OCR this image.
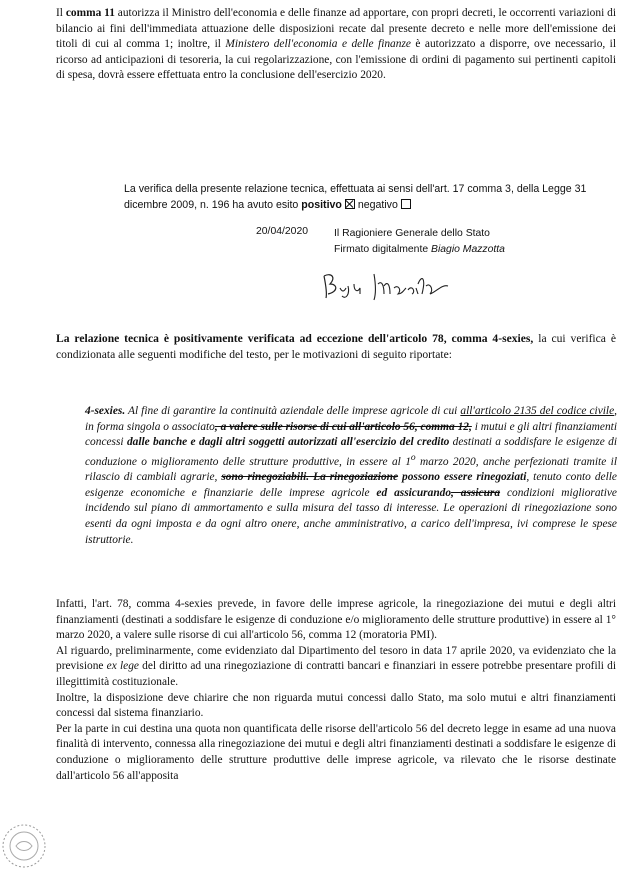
Il comma 11 autorizza il Ministro dell'economia e delle finanze ad apportare, con propri decreti, le occorrenti variazioni di bilancio ai fini dell'immediata attuazione delle disposizioni recate dal presente decreto e nelle more dell'emissione dei titoli di cui al comma 1; inoltre, il Ministero dell'economia e delle finanze è autorizzato a disporre, ove necessario, il ricorso ad anticipazioni di tesoreria, la cui regolarizzazione, con l'emissione di ordini di pagamento sui pertinenti capitoli di spesa, dovrà essere effettuata entro la conclusione dell'esercizio 2020.

La verifica della presente relazione tecnica, effettuata ai sensi dell'art. 17 comma 3, della Legge 31 dicembre 2009, n. 196 ha avuto esito positivo negativo

20/04/2020 Il Ragioniere Generale dello Stato
Firmato digitalmente Biagio Mazzotta

La relazione tecnica è positivamente verificata ad eccezione dell'articolo 78, comma 4-sexies, la cui verifica è condizionata alle seguenti modifiche del testo, per le motivazioni di seguito riportate:

4-sexies. Al fine di garantire la continuità aziendale delle imprese agricole di cui all'articolo 2135 del codice civile, in forma singola o associato, a valere sulle risorse di cui all'articolo 56, comma 12, i mutui e gli altri finanziamenti concessi dalle banche e dagli altri soggetti autorizzati all'esercizio del credito destinati a soddisfare le esigenze di conduzione o miglioramento delle strutture produttive, in essere al 1$^o$ marzo 2020, anche perfezionati tramite il rilascio di cambiali agrarie, sono rinegoziabili. La rinegoziazione possono essere rinegoziati, tenuto conto delle esigenze economiche e finanziarie delle imprese agricole ed assicurando, assicura condizioni migliorative incidendo sul piano di ammortamento e sulla misura del tasso di interesse. Le operazioni di rinegoziazione sono esenti da ogni imposta e da ogni altro onere, anche amministrativo, a carico dell'impresa, ivi comprese le spese istruttorie.

Infatti, l'art. 78, comma 4-sexies prevede, in favore delle imprese agricole, la rinegoziazione dei mutui e degli altri finanziamenti (destinati a soddisfare le esigenze di conduzione e/o miglioramento delle strutture produttive) in essere al 1° marzo 2020, a valere sulle risorse di cui all'articolo 56, comma 12 (moratoria PMI).

Al riguardo, preliminarmente, come evidenziato dal Dipartimento del tesoro in data 17 aprile 2020, va evidenziato che la previsione ex lege del diritto ad una rinegoziazione di contratti bancari e finanziari in essere potrebbe presentare profili di illegittimità costituzionale.

Inoltre, la disposizione deve chiarire che non riguarda mutui concessi dallo Stato, ma solo mutui e altri finanziamenti concessi dal sistema finanziario.

Per la parte in cui destina una quota non quantificata delle risorse dell'articolo 56 del decreto legge in esame ad una nuova finalità di intervento, connessa alla rinegoziazione dei mutui e degli altri finanziamenti destinati a soddisfare le esigenze di conduzione o miglioramento delle strutture produttive delle imprese agricole, va rilevato che le risorse destinate dall'articolo 56 all'apposita
